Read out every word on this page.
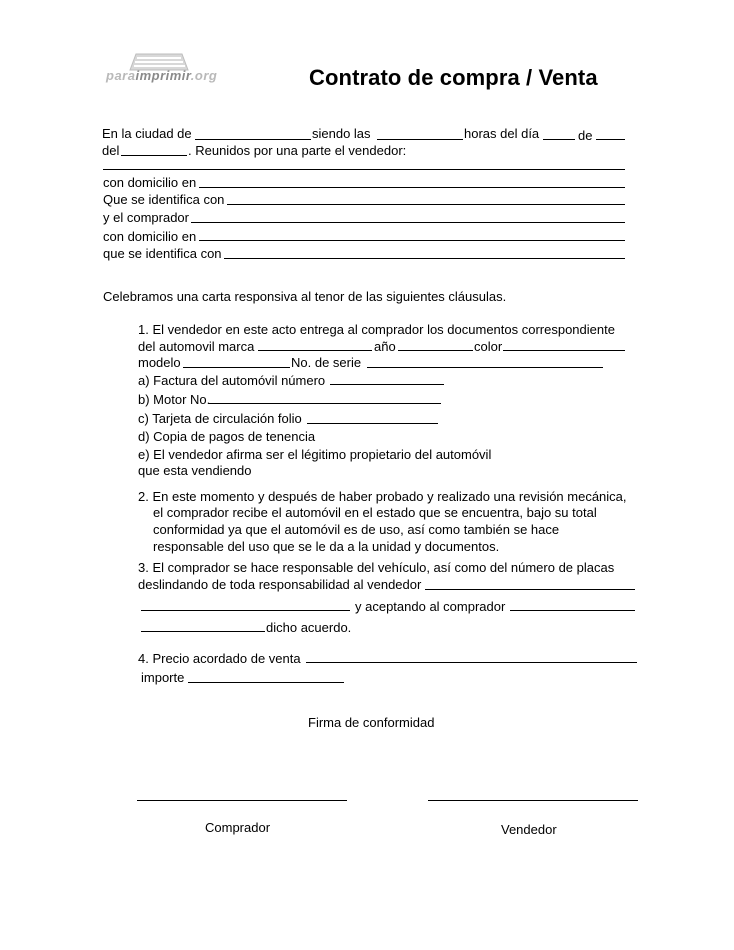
paraimprimir.org	Contrato de compra / Venta
En la ciudad de	siendo las	horas del día	de
del	. Reunidos por una parte el vendedor:
con domicilio en
Que se identifica con
y el comprador
con domicilio en
que se identifica con
Celebramos una carta responsiva al tenor de las siguientes cláusulas.
1. El vendedor en este acto entrega al comprador los documentos correspondiente
del automovil marca	año	color
modelo	No. de serie
a) Factura del automóvil número
b) Motor No.
c) Tarjeta de circulación folio
d) Copia de pagos de tenencia
e) El vendedor afirma ser el légitimo propietario del automóvil
que esta vendiendo
2. En este momento y después de haber probado y realizado una revisión mecánica,
el comprador recibe el automóvil en el estado que se encuentra, bajo su total
conformidad ya que el automóvil es de uso, así como también se hace
responsable del uso que se le da a la unidad y documentos.
3. El comprador se hace responsable del vehículo, así como del número de placas
deslindando de toda responsabilidad al vendedor
y aceptando al comprador
dicho acuerdo.
4. Precio acordado de venta
importe
Firma de conformidad
Comprador	Vendedor
